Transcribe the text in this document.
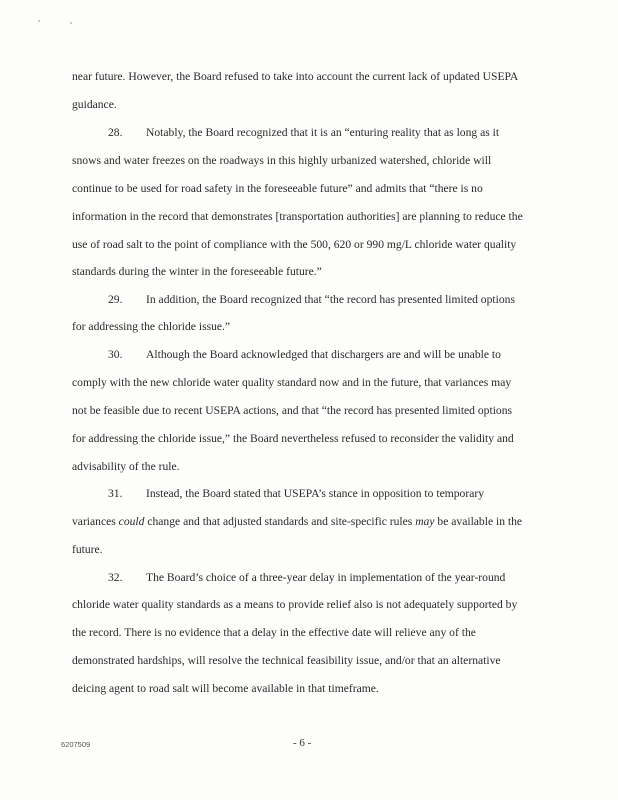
near future. However, the Board refused to take into account the current lack of updated USEPA
guidance.
28. Notably, the Board recognized that it is an “enturing reality that as long as it
snows and water freezes on the roadways in this highly urbanized watershed, chloride will
continue to be used for road safety in the foreseeable future” and admits that “there is no
information in the record that demonstrates [transportation authorities] are planning to reduce the
use of road salt to the point of compliance with the 500, 620 or 990 mg/L chloride water quality
standards during the winter in the foreseeable future.”
29. In addition, the Board recognized that “the record has presented limited options
for addressing the chloride issue.”
30. Although the Board acknowledged that dischargers are and will be unable to
comply with the new chloride water quality standard now and in the future, that variances may
not be feasible due to recent USEPA actions, and that “the record has presented limited options
for addressing the chloride issue,” the Board nevertheless refused to reconsider the validity and
advisability of the rule.
31. Instead, the Board stated that USEPA’s stance in opposition to temporary
variances could change and that adjusted standards and site-specific rules may be available in the
future.
32. The Board’s choice of a three-year delay in implementation of the year-round
chloride water quality standards as a means to provide relief also is not adequately supported by
the record. There is no evidence that a delay in the effective date will relieve any of the
demonstrated hardships, will resolve the technical feasibility issue, and/or that an alternative
deicing agent to road salt will become available in that timeframe.
6207509	- 6 -
